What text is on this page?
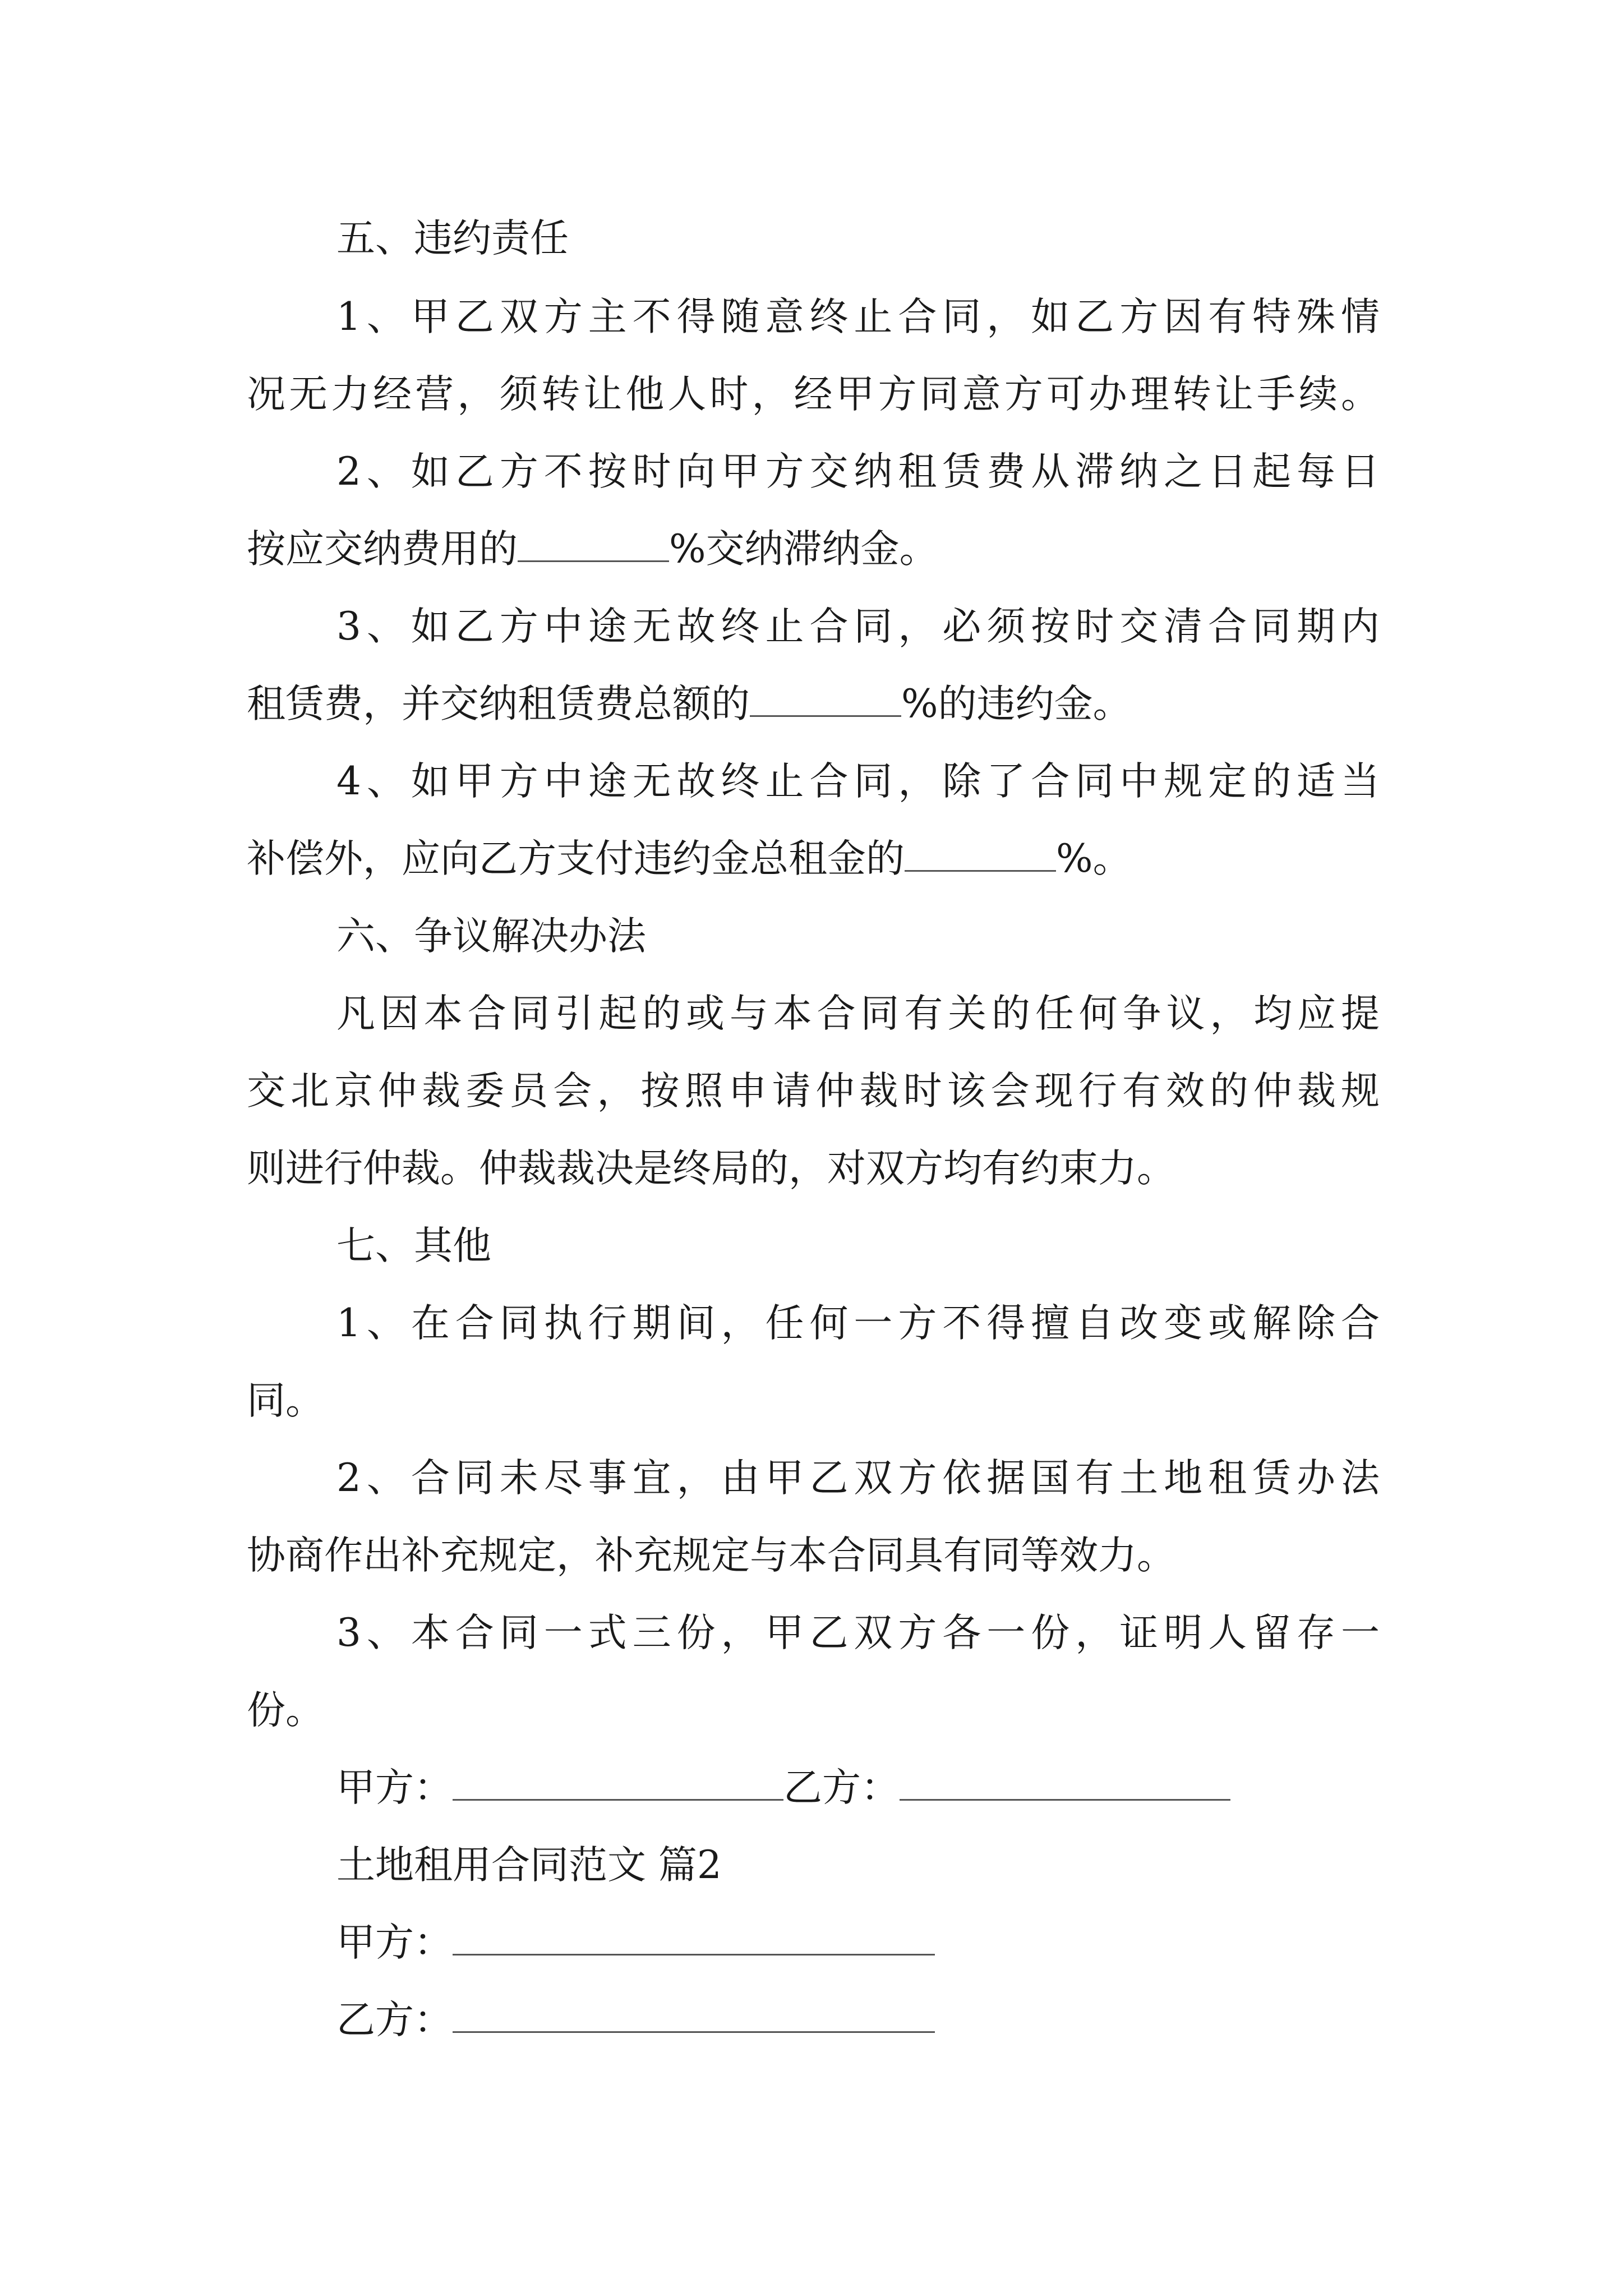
五、违约责任
1、甲乙双方主不得随意终止合同，如乙方因有特殊情
况无力经营，须转让他人时，经甲方同意方可办理转让手续。
2、如乙方不按时向甲方交纳租赁费从滞纳之日起每日
按应交纳费用的	%交纳滞纳金。
3、如乙方中途无故终止合同，必须按时交清合同期内
租赁费，并交纳租赁费总额的	%的违约金。
4、如甲方中途无故终止合同，除了合同中规定的适当
补偿外，应向乙方支付违约金总租金的	%。
六、争议解决办法
凡因本合同引起的或与本合同有关的任何争议，均应提
交北京仲裁委员会，按照申请仲裁时该会现行有效的仲裁规
则进行仲裁。仲裁裁决是终局的，对双方均有约束力。
七、其他
1、在合同执行期间，任何一方不得擅自改变或解除合
同。
2、合同未尽事宜，由甲乙双方依据国有土地租赁办法
协商作出补充规定，补充规定与本合同具有同等效力。
3、本合同一式三份，甲乙双方各一份，证明人留存一
份。
甲方：	乙方：
土地租用合同范文 篇2
甲方：
乙方：
